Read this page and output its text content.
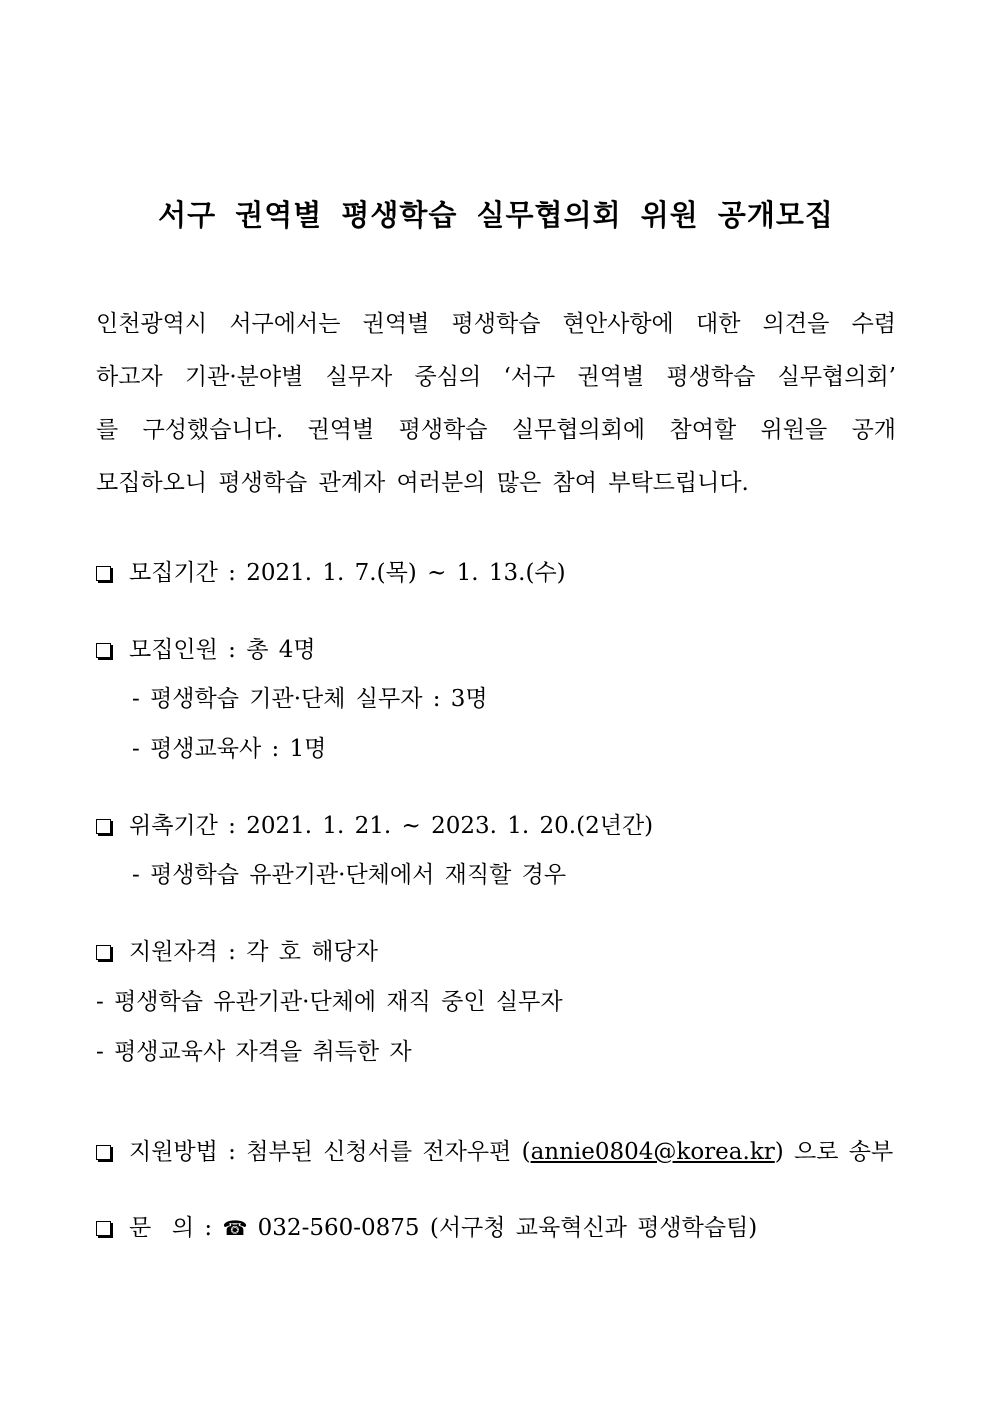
서구 권역별 평생학습 실무협의회 위원 공개모집
인천광역시 서구에서는 권역별 평생학습 현안사항에 대한 의견을 수렴
하고자 기관·분야별 실무자 중심의 ‘서구 권역별 평생학습 실무협의회’
를 구성했습니다. 권역별 평생학습 실무협의회에 참여할 위원을 공개
모집하오니 평생학습 관계자 여러분의 많은 참여 부탁드립니다.
모집기간 : 2021. 1. 7.(목) ~ 1. 13.(수)
모집인원 : 총 4명
- 평생학습 기관·단체 실무자 : 3명
- 평생교육사 : 1명
위촉기간 : 2021. 1. 21. ~ 2023. 1. 20.(2년간)
- 평생학습 유관기관·단체에서 재직할 경우
지원자격 : 각 호 해당자
- 평생학습 유관기관·단체에 재직 중인 실무자
- 평생교육사 자격을 취득한 자
지원방법 : 첨부된 신청서를 전자우편 (annie0804@korea.kr) 으로 송부
문  의 : ☎ 032-560-0875 (서구청 교육혁신과 평생학습팀)
